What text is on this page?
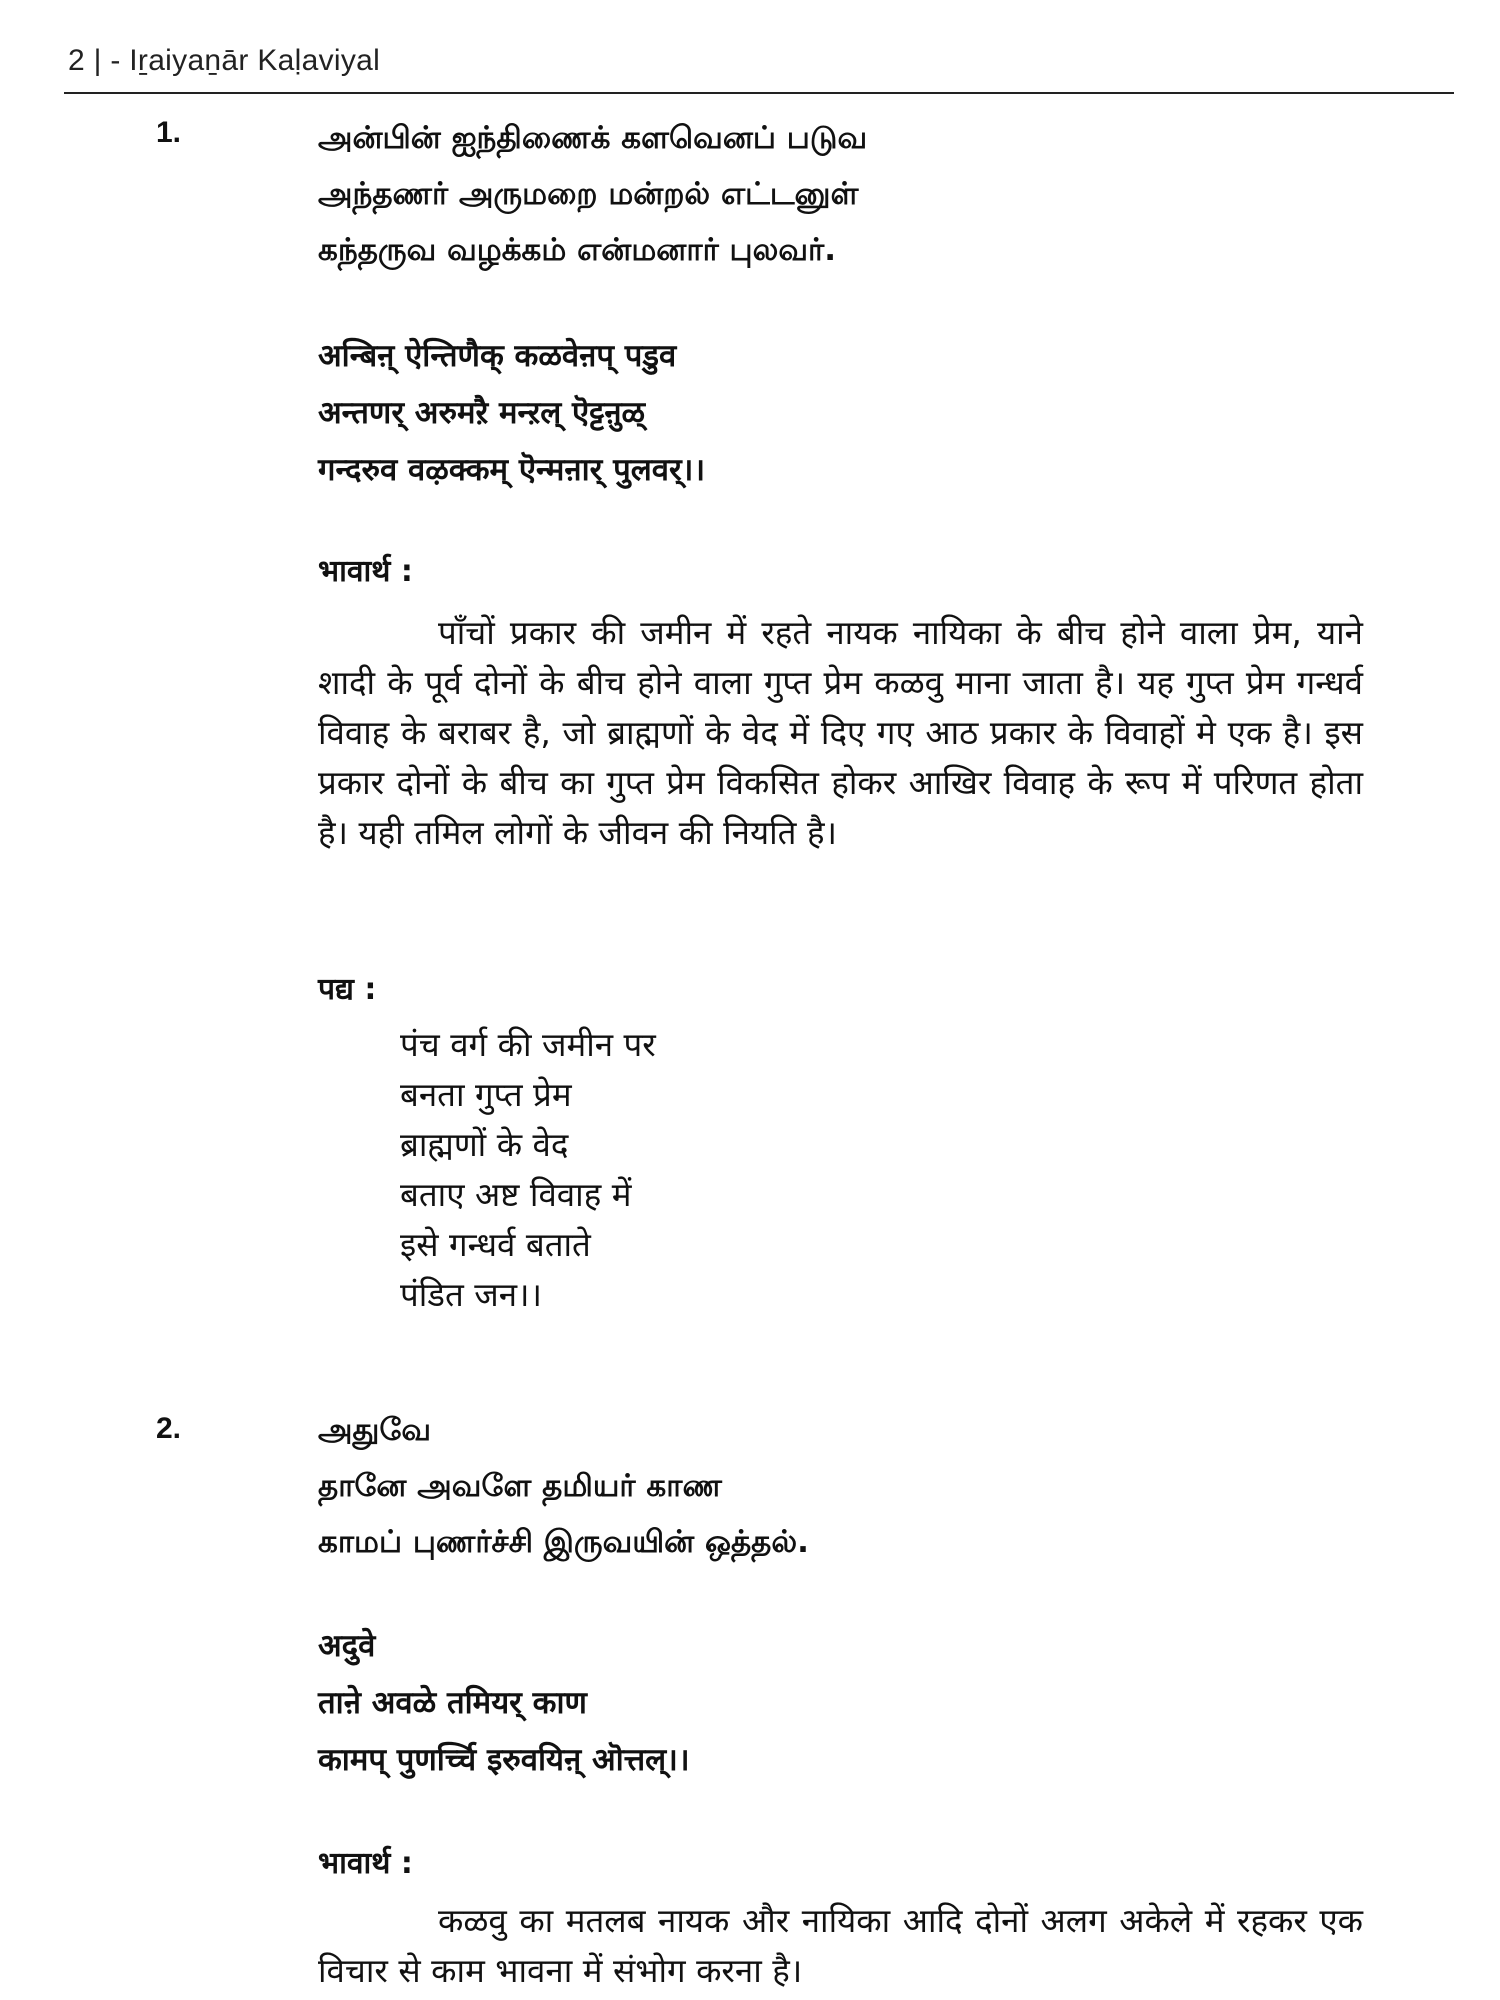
2 | - Iṟaiyaṉār Kaḷaviyal
1.	அன்பின் ஐந்திணைக் களவெனப் படுவ
அந்தணர் அருமறை மன்றல் எட்டனுள்
கந்தருவ வழக்கம் என்மனார் புலவர்.
अन्बिऩ् ऐन्तिणैक् कळवेऩप् पडुव
अन्तणर् अरुमऱै मन्ऱल् ऎट्टऩुळ्
गन्दरुव वऴक्कम् ऎन्मऩार् पुलवर्।।
भावार्थ :
पाँचों प्रकार की जमीन में रहते नायक नायिका के बीच होने वाला प्रेम, याने शादी के पूर्व दोनों के बीच होने वाला गुप्त प्रेम कळवु माना जाता है। यह गुप्त प्रेम गन्धर्व विवाह के बराबर है, जो ब्राह्मणों के वेद में दिए गए आठ प्रकार के विवाहों मे एक है। इस प्रकार दोनों के बीच का गुप्त प्रेम विकसित होकर आखिर विवाह के रूप में परिणत होता है। यही तमिल लोगों के जीवन की नियति है।
पद्य :
पंच वर्ग की जमीन पर
बनता गुप्त प्रेम
ब्राह्मणों के वेद
बताए अष्ट विवाह में
इसे गन्धर्व बताते
पंडित जन।।
2.	அதுவே
தானே அவளே தமியர் காண
காமப் புணர்ச்சி இருவயின் ஒத்தல்.
अदुवे
ताऩे अवळे तमियर् काण
कामप् पुणर्च्चि इरुवयिऩ् ऒत्तल्।।
भावार्थ :
कळवु का मतलब नायक और नायिका आदि दोनों अलग अकेले में रहकर एक विचार से काम भावना में संभोग करना है।
